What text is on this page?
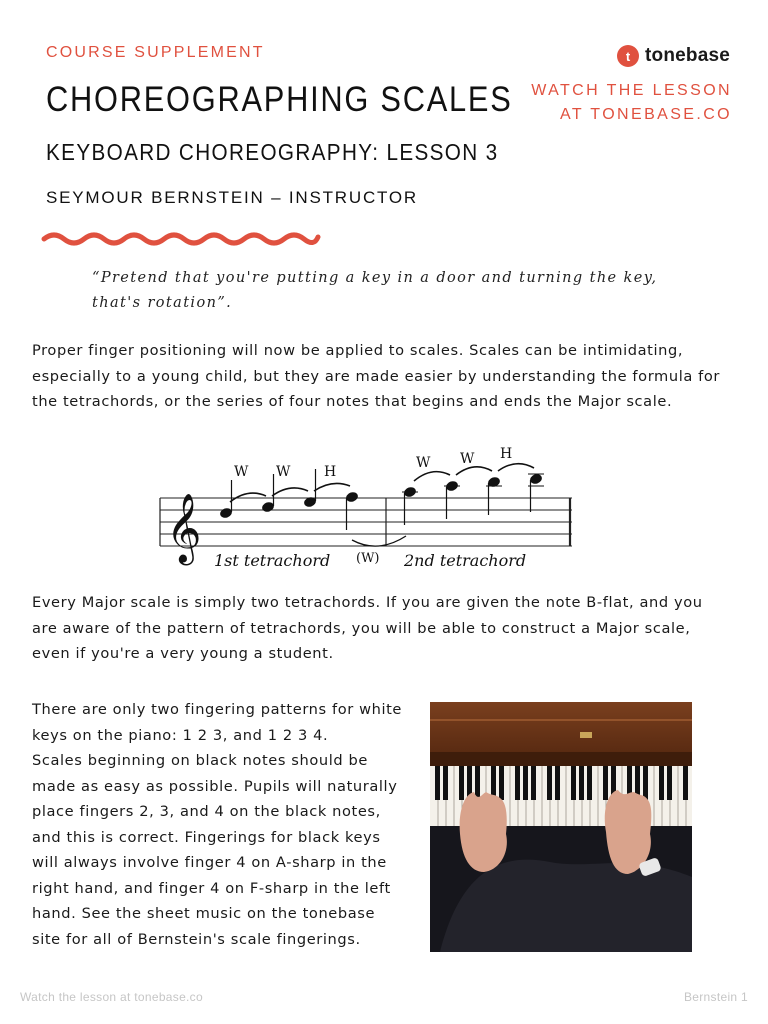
COURSE SUPPLEMENT
CHOREOGRAPHING SCALES
KEYBOARD CHOREOGRAPHY: LESSON 3
SEYMOUR BERNSTEIN – INSTRUCTOR
t tonebase
WATCH THE LESSON
AT TONEBASE.CO
“Pretend that you're putting a key in a door and turning the key, that's rotation”.
Proper finger positioning will now be applied to scales. Scales can be intimidating, especially to a young child, but they are made easier by understanding the formula for the tetrachords, or the series of four notes that begins and ends the Major scale.
𝄞
W W H
W W H
1st tetrachord (W) 2nd tetrachord
Every Major scale is simply two tetrachords. If you are given the note B-flat, and you are aware of the pattern of tetrachords, you will be able to construct a Major scale, even if you're a very young a student.
There are only two fingering patterns for white
keys on the piano: 1 2 3, and 1 2 3 4.
Scales beginning on black notes should be
made as easy as possible. Pupils will naturally
place fingers 2, 3, and 4 on the black notes,
and this is correct. Fingerings for black keys
will always involve finger 4 on A-sharp in the
right hand, and finger 4 on F-sharp in the left
hand. See the sheet music on the tonebase
site for all of Bernstein's scale fingerings.
Watch the lesson at tonebase.co	Bernstein 1
